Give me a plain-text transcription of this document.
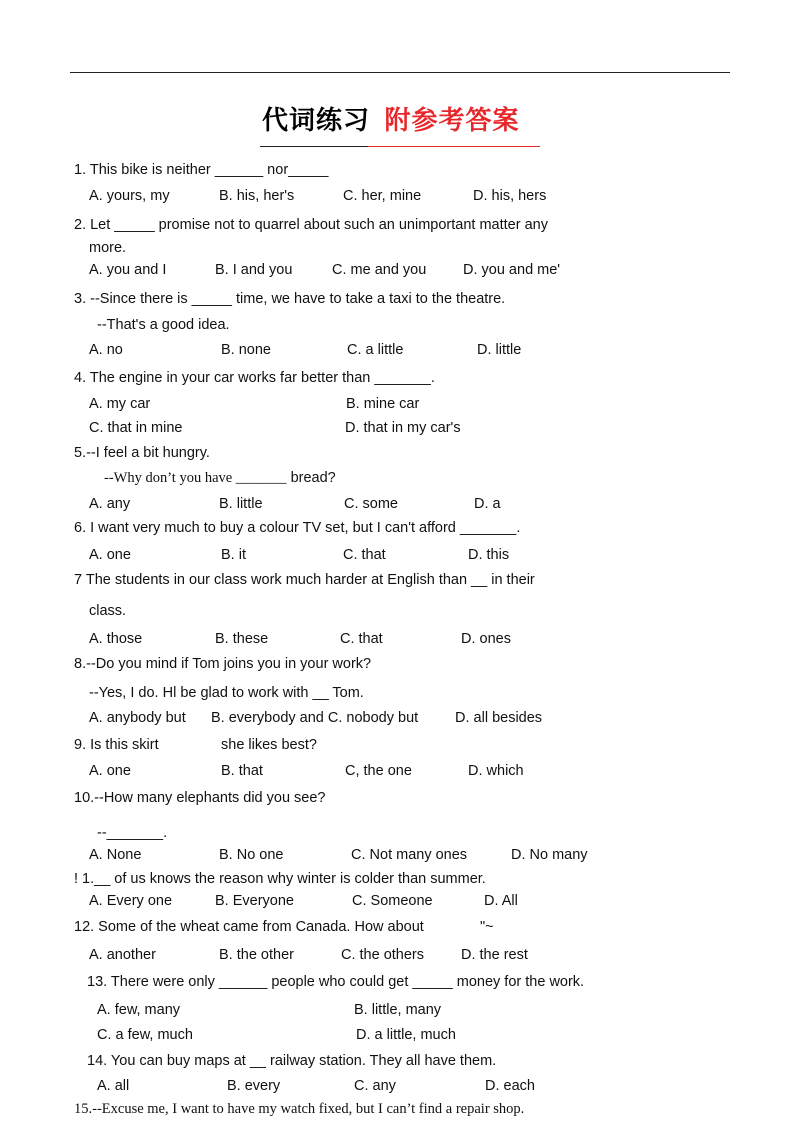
代词练习 附参考答案
1. This bike is neither ______ nor_____
A. yours, my	B. his, her's	C. her, mine	D. his, hers
2. Let _____ promise not to quarrel about such an unimportant matter any
more.
A. you and I	B. I and you	C. me and you	D. you and me'
3. --Since there is _____ time, we have to take a taxi to the theatre.
--That's a good idea.
A. no	B. none	C. a little	D. little
4. The engine in your car works far better than _______.
A. my car	B. mine car
C. that in mine	D. that in my car's
5.--I feel a bit hungry.
--Why don’t you have _______ bread?
A. any	B. little	C. some	D. a
6. I want very much to buy a colour TV set, but I can't afford _______.
A. one	B. it	C. that	D. this
7 The students in our class work much harder at English than __ in their
class.
A. those	B. these	C. that	D. ones
8.--Do you mind if Tom joins you in your work?
--Yes, I do. Hl be glad to work with __ Tom.
A. anybody but B. everybody and C. nobody but	D. all besides
9. Is this skirt	she likes best?
A. one	B. that	C, the one	D. which
10.--How many elephants did you see?
--_______.
A. None	B. No one	C. Not many ones	D. No many
! 1.__ of us knows the reason why winter is colder than summer.
A. Every one	B. Everyone	C. Someone	D. All
12. Some of the wheat came from Canada. How about	"~
A. another	B. the other	C. the others	D. the rest
13. There were only ______ people who could get _____ money for the work.
A. few, many	B. little, many
C. a few, much	D. a little, much
14. You can buy maps at __ railway station. They all have them.
A. all	B. every	C. any	D. each
15.--Excuse me, I want to have my watch fixed, but I can’t find a repair shop.
